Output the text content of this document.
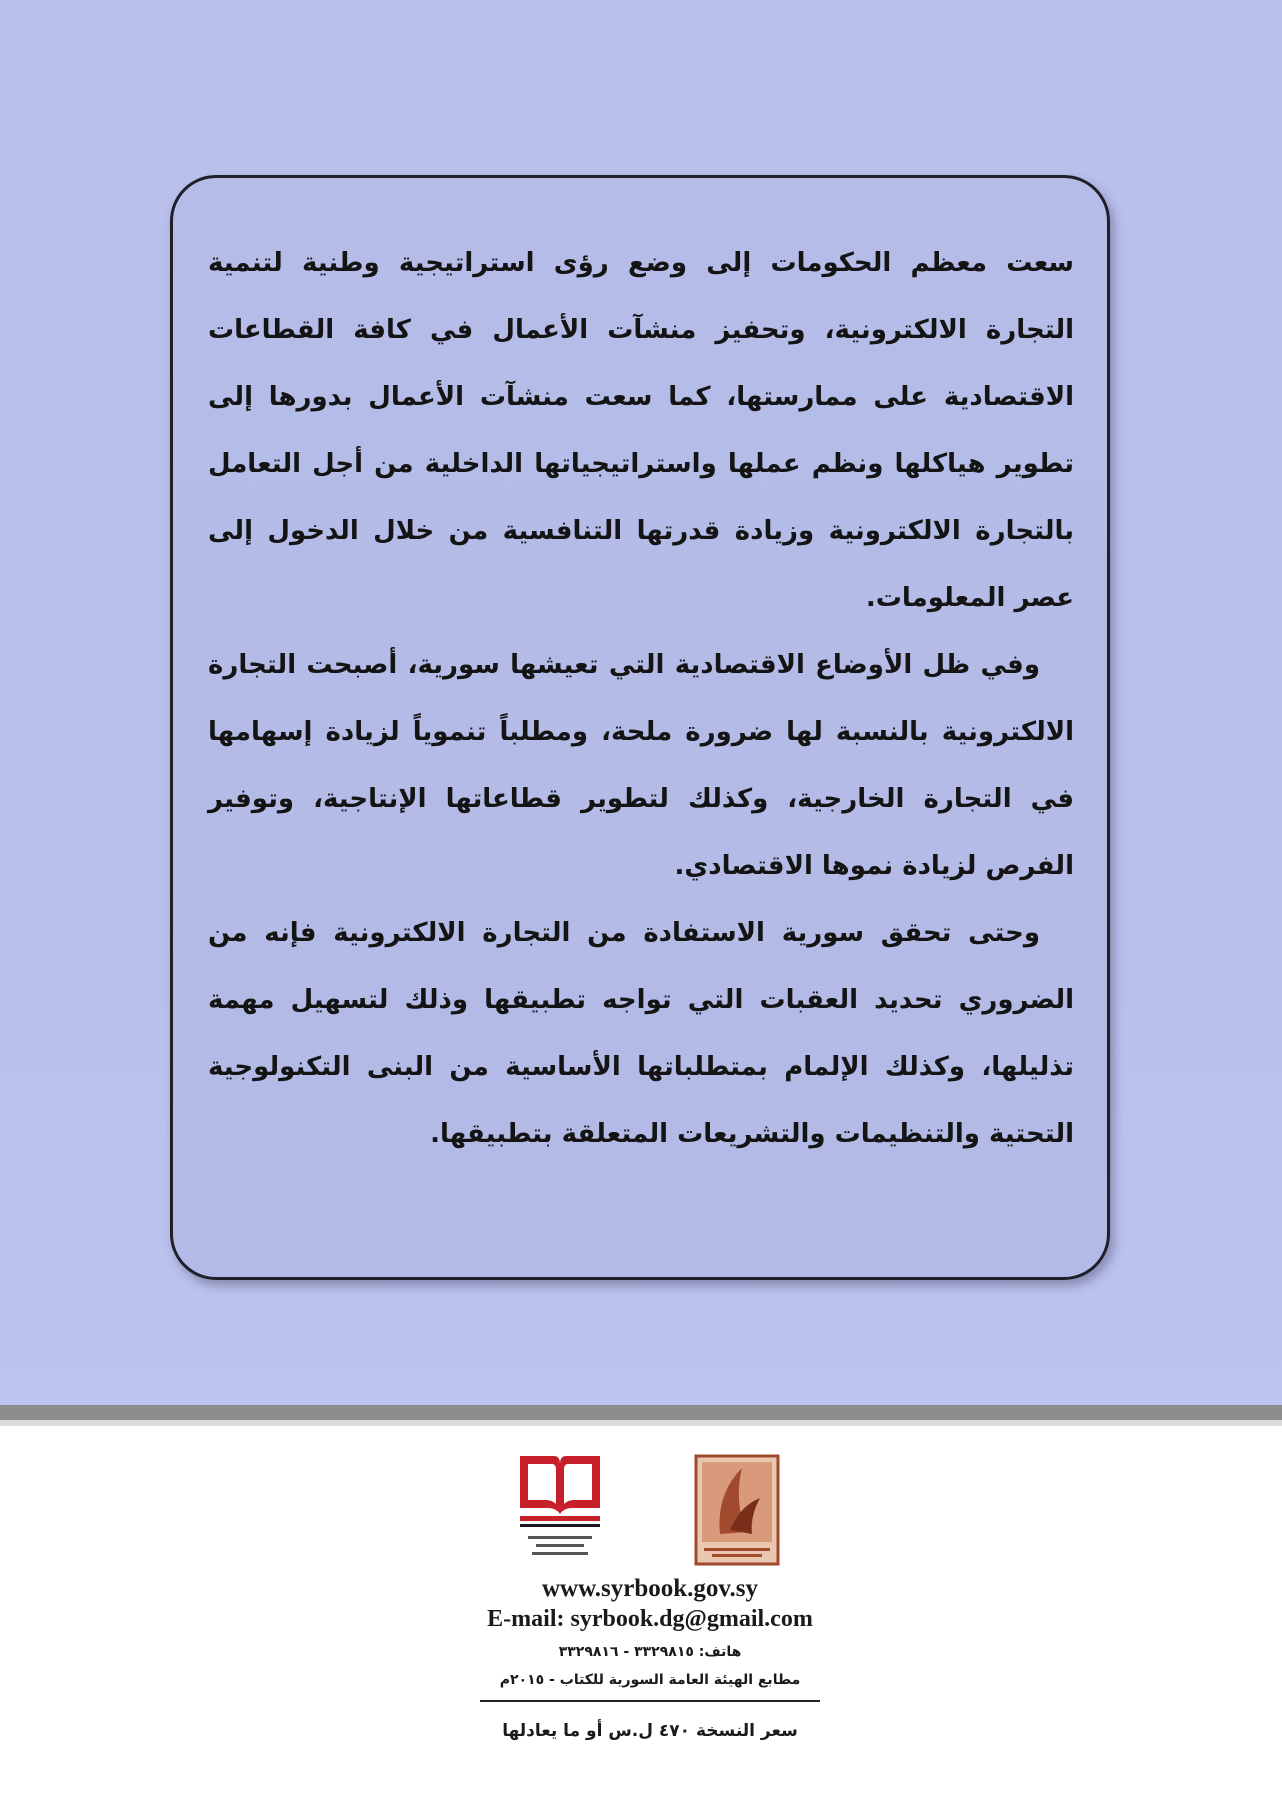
سعت معظم الحكومات إلى وضع رؤى استراتيجية وطنية لتنمية التجارة الالكترونية، وتحفيز منشآت الأعمال في كافة القطاعات الاقتصادية على ممارستها، كما سعت منشآت الأعمال بدورها إلى تطوير هياكلها ونظم عملها واستراتيجياتها الداخلية من أجل التعامل بالتجارة الالكترونية وزيادة قدرتها التنافسية من خلال الدخول إلى عصر المعلومات.

وفي ظل الأوضاع الاقتصادية التي تعيشها سورية، أصبحت التجارة الالكترونية بالنسبة لها ضرورة ملحة، ومطلباً تنموياً لزيادة إسهامها في التجارة الخارجية، وكذلك لتطوير قطاعاتها الإنتاجية، وتوفير الفرص لزيادة نموها الاقتصادي.

وحتى تحقق سورية الاستفادة من التجارة الالكترونية فإنه من الضروري تحديد العقبات التي تواجه تطبيقها وذلك لتسهيل مهمة تذليلها، وكذلك الإلمام بمتطلباتها الأساسية من البنى التكنولوجية التحتية والتنظيمات والتشريعات المتعلقة بتطبيقها.

www.syrbook.gov.sy

E-mail: syrbook.dg@gmail.com

هاتف: ٣٣٢٩٨١٥ - ٣٣٢٩٨١٦

مطابع الهيئة العامة السورية للكتاب - ٢٠١٥م

سعر النسخة ٤٧٠ ل.س أو ما يعادلها
